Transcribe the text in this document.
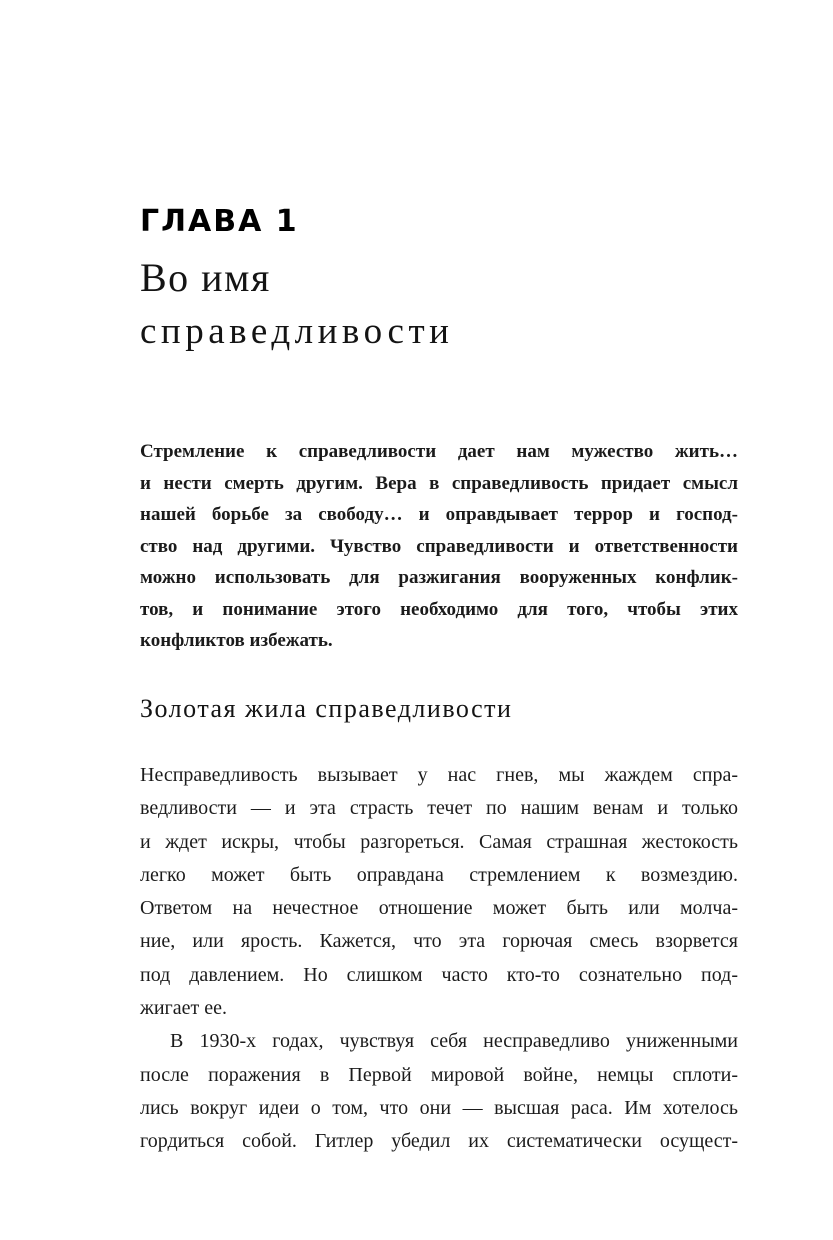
ГЛАВА 1
Во имя
справедливости
Стремление к справедливости дает нам мужество жить…
и нести смерть другим. Вера в справедливость придает смысл
нашей борьбе за свободу… и оправдывает террор и господ-
ство над другими. Чувство справедливости и ответственности
можно использовать для разжигания вооруженных конфлик-
тов, и понимание этого необходимо для того, чтобы этих
конфликтов избежать.
Золотая жила справедливости
Несправедливость вызывает у нас гнев, мы жаждем спра-
ведливости — и эта страсть течет по нашим венам и только
и ждет искры, чтобы разгореться. Самая страшная жестокость
легко может быть оправдана стремлением к возмездию.
Ответом на нечестное отношение может быть или молча-
ние, или ярость. Кажется, что эта горючая смесь взорвется
под давлением. Но слишком часто кто-то сознательно под-
жигает ее.
В 1930-х годах, чувствуя себя несправедливо униженными
после поражения в Первой мировой войне, немцы сплоти-
лись вокруг идеи о том, что они — высшая раса. Им хотелось
гордиться собой. Гитлер убедил их систематически осущест-
